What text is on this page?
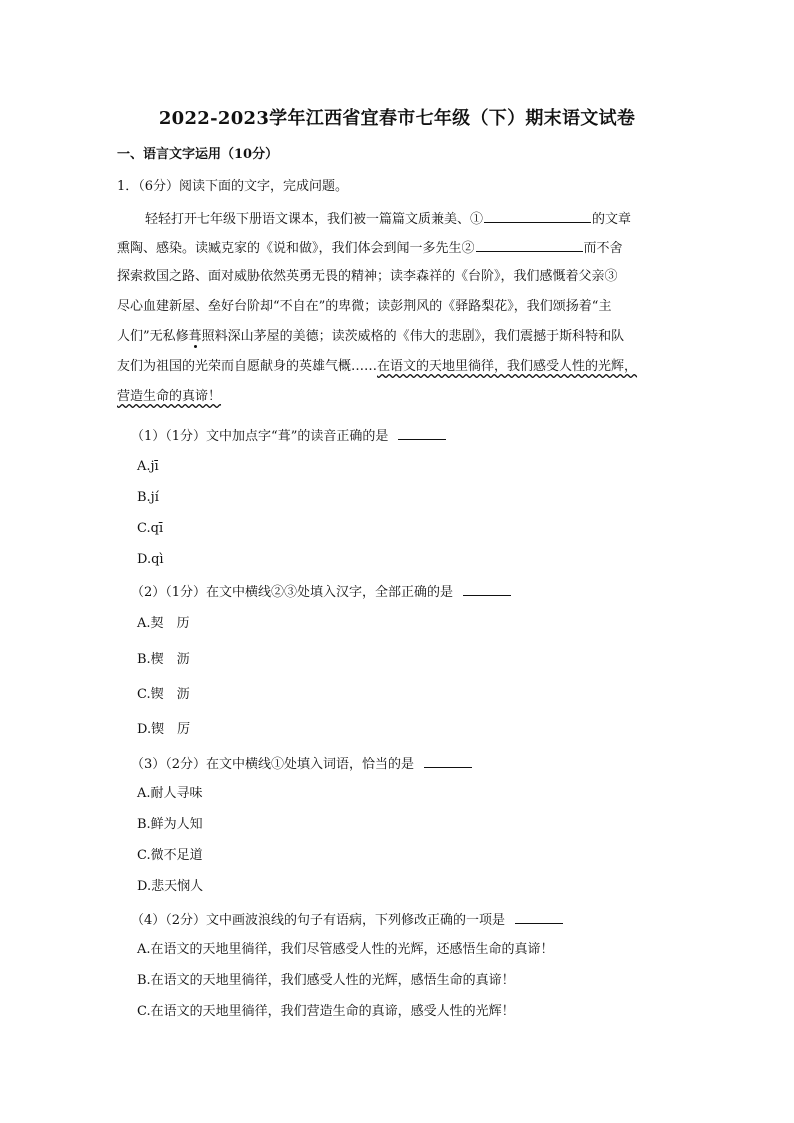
2022-2023学年江西省宜春市七年级（下）期末语文试卷
一、语言文字运用（10分）
1．（6分）阅读下面的文字，完成问题。
轻轻打开七年级下册语文课本，我们被一篇篇文质兼美、①	的文章
熏陶、感染。读臧克家的《说和做》，我们体会到闻一多先生②	而不舍
探索救国之路、面对威胁依然英勇无畏的精神；读李森祥的《台阶》，我们感慨着父亲③
尽心血建新屋、垒好台阶却“不自在”的卑微；读彭荆风的《驿路梨花》，我们颂扬着“主
人们”无私修葺照料深山茅屋的美德；读茨威格的《伟大的悲剧》，我们震撼于斯科特和队
友们为祖国的光荣而自愿献身的英雄气概……在语文的天地里徜徉，我们感受人性的光辉，
营造生命的真谛！
（1）（1分）文中加点字“葺”的读音正确的是
A.jī
B.jí
C.qī
D.qì
（2）（1分）在文中横线②③处填入汉字，全部正确的是
A.契　历
B.楔　沥
C.锲　沥
D.锲　厉
（3）（2分）在文中横线①处填入词语，恰当的是
A.耐人寻味
B.鲜为人知
C.微不足道
D.悲天悯人
（4）（2分）文中画波浪线的句子有语病，下列修改正确的一项是
A.在语文的天地里徜徉，我们尽管感受人性的光辉，还感悟生命的真谛！
B.在语文的天地里徜徉，我们感受人性的光辉，感悟生命的真谛！
C.在语文的天地里徜徉，我们营造生命的真谛，感受人性的光辉！
